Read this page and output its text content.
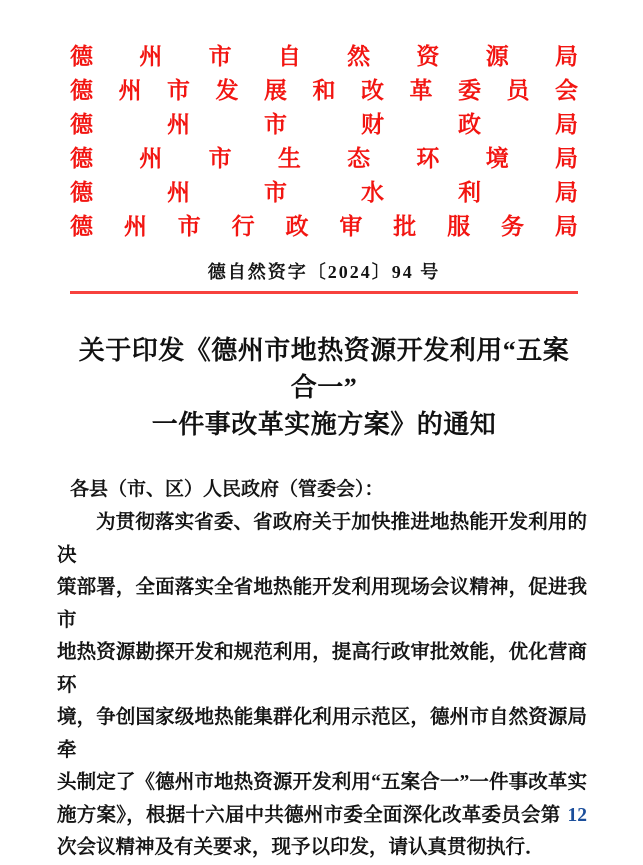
德 州 市 自 然 资 源 局
德 州 市 发 展 和 改 革 委 员 会
德	州	市	财	政	局
德 州 市 生 态 环 境 局
德	州	市	水	利	局
德 州 市 行 政 审 批 服 务 局
德自然资字〔2024〕94 号
关于印发《德州市地热资源开发利用“五案合一”
一件事改革实施方案》的通知
各县（市、区）人民政府（管委会）：
为贯彻落实省委、省政府关于加快推进地热能开发利用的决
策部署，全面落实全省地热能开发利用现场会议精神，促进我市
地热资源勘探开发和规范利用，提高行政审批效能，优化营商环
境，争创国家级地热能集群化利用示范区，德州市自然资源局牵
头制定了《德州市地热资源开发利用“五案合一”一件事改革实
施方案》，根据十六届中共德州市委全面深化改革委员会第 12
次会议精神及有关要求，现予以印发，请认真贯彻执行．
